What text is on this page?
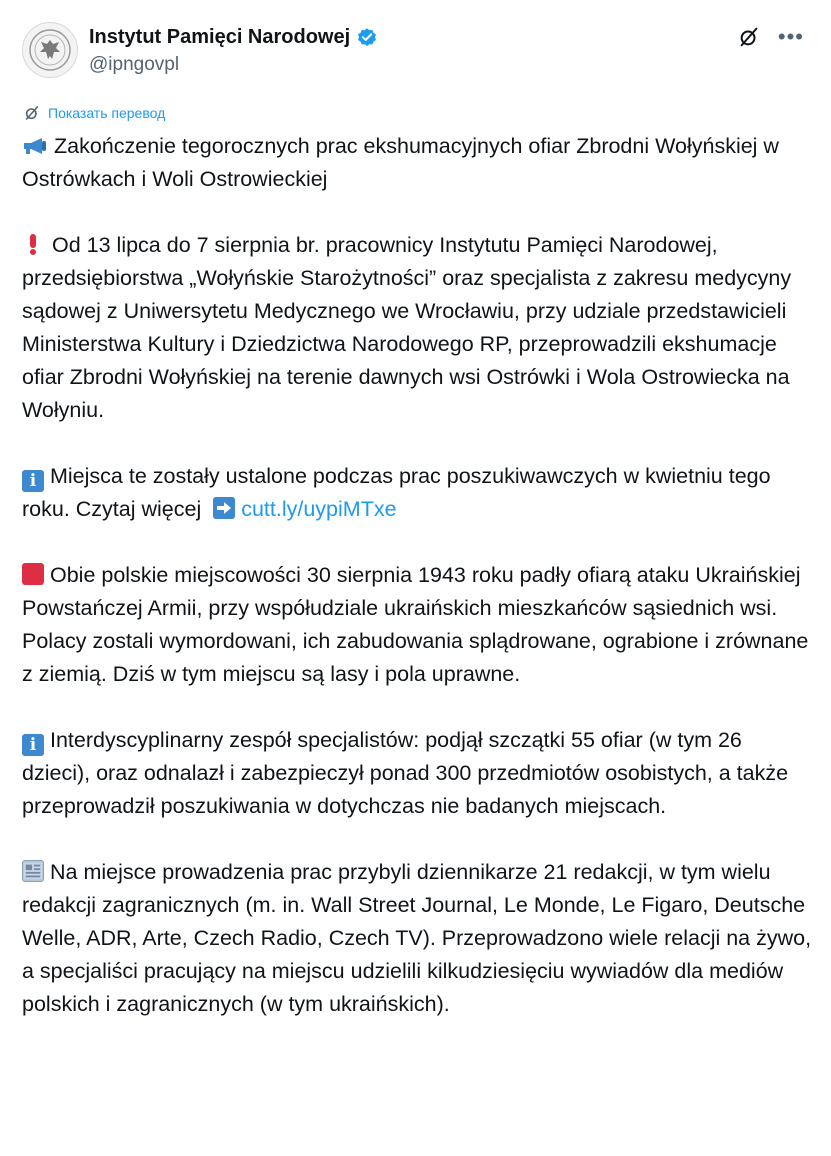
Instytut Pamięci Narodowej
@ipngovpl
•••
Показать перевод

Zakończenie tegorocznych prac ekshumacyjnych ofiar Zbrodni Wołyńskiej w Ostrówkach i Woli Ostrowieckiej

Od 13 lipca do 7 sierpnia br. pracownicy Instytutu Pamięci Narodowej, przedsiębiorstwa „Wołyńskie Starożytności” oraz specjalista z zakresu medycyny sądowej z Uniwersytetu Medycznego we Wrocławiu, przy udziale przedstawicieli Ministerstwa Kultury i Dziedzictwa Narodowego RP, przeprowadzili ekshumacje ofiar Zbrodni Wołyńskiej na terenie dawnych wsi Ostrówki i Wola Ostrowiecka na Wołyniu.

i Miejsca te zostały ustalone podczas prac poszukiwawczych w kwietniu tego roku. Czytaj więcej cutt.ly/uypiMTxe

Obie polskie miejscowości 30 sierpnia 1943 roku padły ofiarą ataku Ukraińskiej Powstańczej Armii, przy współudziale ukraińskich mieszkańców sąsiednich wsi. Polacy zostali wymordowani, ich zabudowania splądrowane, ograbione i zrównane z ziemią. Dziś w tym miejscu są lasy i pola uprawne.

i Interdyscyplinarny zespół specjalistów: podjął szczątki 55 ofiar (w tym 26 dzieci), oraz odnalazł i zabezpieczył ponad 300 przedmiotów osobistych, a także przeprowadził poszukiwania w dotychczas nie badanych miejscach.

Na miejsce prowadzenia prac przybyli dziennikarze 21 redakcji, w tym wielu redakcji zagranicznych (m. in. Wall Street Journal, Le Monde, Le Figaro, Deutsche Welle, ADR, Arte, Czech Radio, Czech TV). Przeprowadzono wiele relacji na żywo, a specjaliści pracujący na miejscu udzielili kilkudziesięciu wywiadów dla mediów polskich i zagranicznych (w tym ukraińskich).
